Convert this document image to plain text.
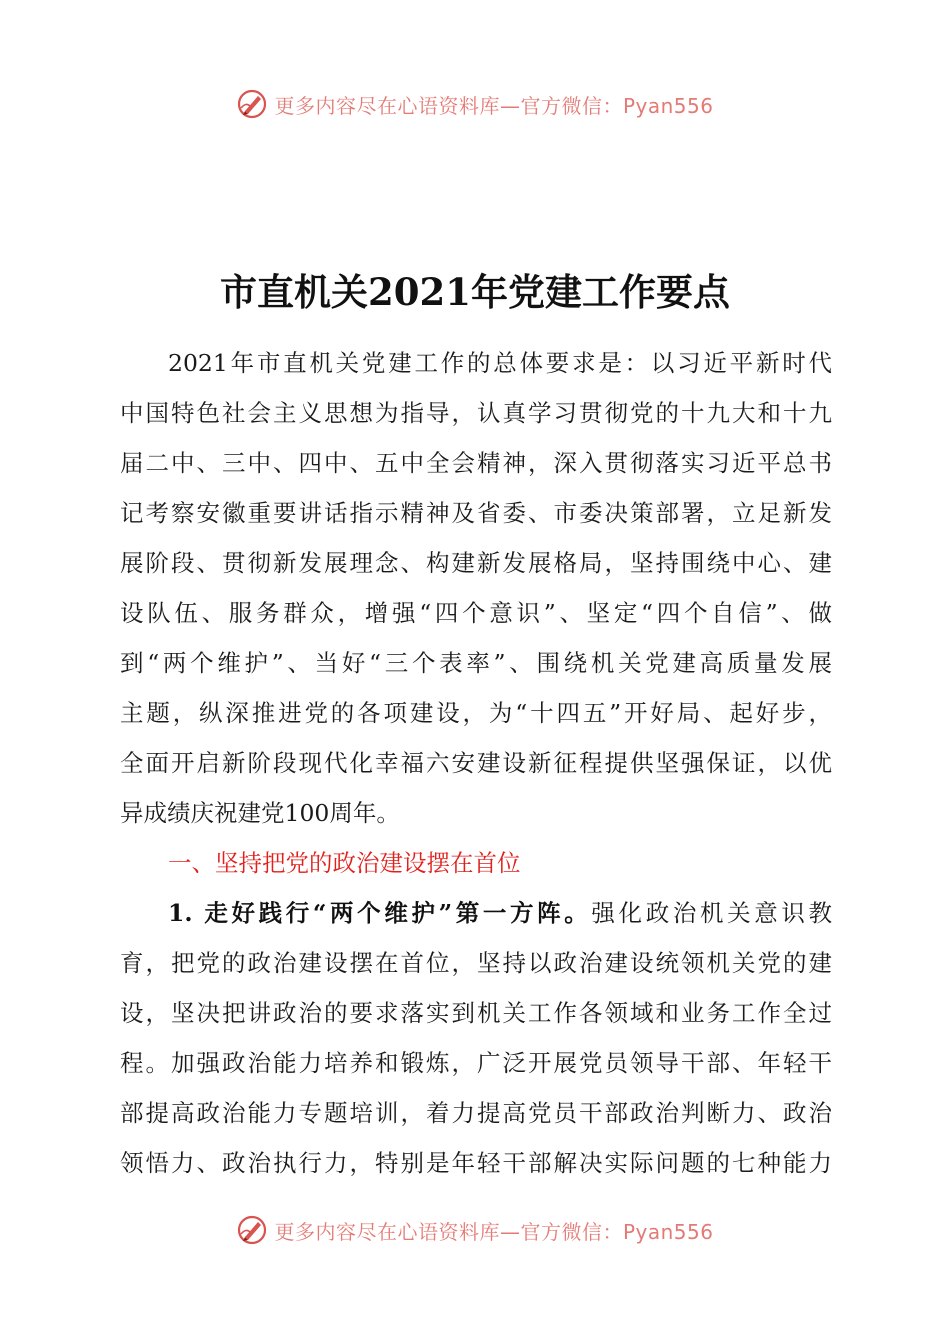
更多内容尽在心语资料库—官方微信：Pyan556
市直机关2021年党建工作要点
2021年市直机关党建工作的总体要求是：以习近平新时代
中国特色社会主义思想为指导，认真学习贯彻党的十九大和十九
届二中、三中、四中、五中全会精神，深入贯彻落实习近平总书
记考察安徽重要讲话指示精神及省委、市委决策部署，立足新发
展阶段、贯彻新发展理念、构建新发展格局，坚持围绕中心、建
设队伍、服务群众，增强“四个意识”、坚定“四个自信”、做
到“两个维护”、当好“三个表率”、围绕机关党建高质量发展
主题，纵深推进党的各项建设，为“十四五”开好局、起好步，
全面开启新阶段现代化幸福六安建设新征程提供坚强保证，以优
异成绩庆祝建党100周年。
一、坚持把党的政治建设摆在首位
1. 走好践行“两个维护”第一方阵。强化政治机关意识教
育，把党的政治建设摆在首位，坚持以政治建设统领机关党的建
设，坚决把讲政治的要求落实到机关工作各领域和业务工作全过
程。加强政治能力培养和锻炼，广泛开展党员领导干部、年轻干
部提高政治能力专题培训，着力提高党员干部政治判断力、政治
领悟力、政治执行力，特别是年轻干部解决实际问题的七种能力
更多内容尽在心语资料库—官方微信：Pyan556
